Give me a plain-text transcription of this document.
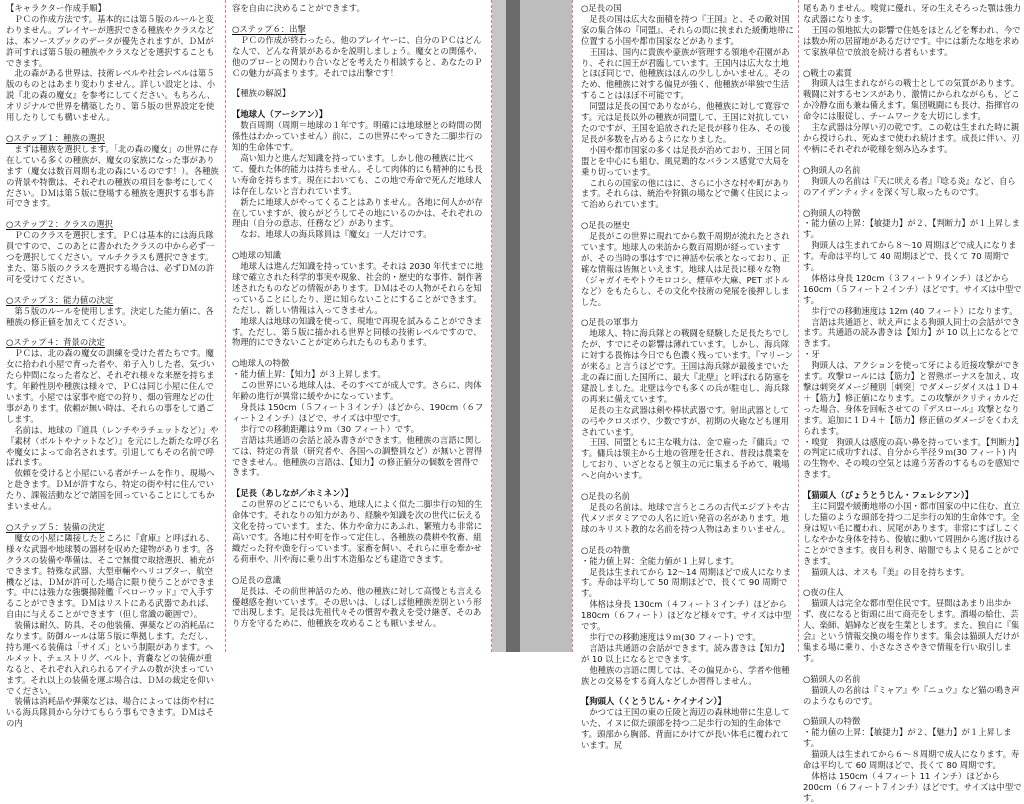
【キャラクター作成手順】
ＰＣの作成方法です。基本的には第５版のルールと変わりません。プレイヤーが選択できる種族やクラスなどは、本ソースブックのデータが優先されますが、ＤＭが許可すれば第５版の種族やクラスなどを選択することもできます。
北の森がある世界は、技術レベルや社会レベルは第５版のものとはあまり変わりません。詳しい設定とは、小説『北の森の魔女』を参考にしてください。もちろん、オリジナルで世界を構築したり、第５版の世界設定を使用したりしても構いません。
○ステップ１：種族の選択
まずは種族を選択します。「北の森の魔女」の世界に存在している多くの種族が、魔女の家族になった事があります（魔女は数百周期も北の森にいるのです！）。各種族の背景や特徴は、それぞれの種族の項目を参考にしてください。ＤＭは第５版に登場する種族を選択する事も許可できます。
○ステップ２：クラスの選択
ＰＣのクラスを選択します。ＰＣは基本的には海兵隊員ですので、このあとに書かれたクラスの中から必ず一つを選択してください。マルチクラスも選択できます。また、第５版のクラスを選択する場合は、必ずＤＭの許可を受けてください。
○ステップ３：能力値の決定
第５版のルールを使用します。決定した能力値に、各種族の修正値を加えてください。
○ステップ４：背景の決定
ＰＣは、北の森の魔女の訓練を受けた者たちです。魔女に拾われ小屋で育った者や、弟子入りした者、気づいたら仲間になった者など、それぞれ様々な来歴を持ちます。年齢性別や種族は様々で、ＰＣは同じ小屋に住んでいます。小屋では家事や庭での狩り、畑の管理などの仕事があります。依頼が無い時は、それらの事をして過ごします。
名前は、地球の『道具（レンチやラチェットなど）』や『素材（ボルトやナットなど）』を元にした新たな呼び名や魔女によって命名されます。引退してもその名前で呼ばれます。
依頼を受けると小屋にいる者がチームを作り、現場へと赴きます。ＤＭが許すなら、特定の街や村に住んでいたり、課報活動などで諸国を回っていることにしてもかまいません。
○ステップ５：装備の決定
魔女の小屋に隣接したところに『倉庫』と呼ばれる、様々な武器や地球製の器材を収めた建物があります。各クラスの装備や準備は、そこで無償で取捨選択、補充ができます。特殊な武器、大型車輛やヘリコプター、航空機などは、ＤＭが許可した場合に限り使うことができます。中には強力な強襲揚陸艦『ベローウッド』で入手することができます。ＤＭはリストにある武器であれば、自由に与えることができます（但し常識の範囲で）。
装備は耐久、防具、その他装備、弾薬などの消耗品になります。防御ルールは第５版に準拠します。ただし、持ち運べる装備は「サイズ」という制限があります。ヘルメット、チェストリグ、ベルト、背嚢などの装備が重なると、それぞれ入れられるアイテムの数が決まっています。それ以上の装備を運ぶ場合は、ＤＭの裁定を仰いでください。
装備は消耗品や弾薬などは、場合によっては街や村にいる海兵隊員から分けてもらう事もできます。ＤＭはその内
容を自由に決めることができます。
○ステップ６：出撃
ＰＣの作成が終わったら、他のプレイヤーに、自分のＰＣはどんな人で、どんな背景があるかを説明しましょう。魔女との関係や、他のプローとの関わり合いなどを考えたり相談すると、あなたのＰＣの魅力が高まります。それでは出撃です！
【種族の解説】
【地球人（アーシアン）】
数百周期（周期＝地球の１年です。明確には地球歴との時間の関係性はわかっていません）前に、この世界にやってきた二脚歩行の知的生命体です。
高い知力と進んだ知識を持っています。しかし他の種族に比べて、優れた体的能力は持ちません。そして肉体的にも精神的にも長い寿命を持ちます。現在においても、この地で寿命で死んだ地球人は存在しないと言われています。
新たに地球人がやってくることはありません。各地に何人かが存在していますが、彼らがどうしてその地にいるのかは、それぞれの理由（自分の意志、任務など）があります。
なお、地球人の海兵隊員は『魔女』一人だけです。
○地球の知識
地球人は進んだ知識を持っています。それは 2030 年代までに地球で確立された科学的事実や現象、社会的・歴史的な事件、制作著述されたものなどの情報があります。ＤＭはその人物がそれらを知っていることにしたり、逆に知らないことにすることができます。ただし、新しい情報は入ってきません。
地球人は地球の知識を使って、現地で再現を試みることができます。ただし、第５版に描かれる世界と同様の技術レベルですので、物理的にできないことが定められたものもあります。
○地球人の特徴
・能力値上昇：【知力】が３上昇します。
この世界にいる地球人は、そのすべてが成人です。さらに、肉体年齢の進行が異常に緩やかになっています。
身長は 150cm（５フィート３インチ）ほどから、190cm（６フィート２インチ）ほどで、サイズは中型です。
歩行での移動距離は９ｍ（30 フィート）です。
言語は共通語の会話と読み書きができます。他種族の言語に関しては、特定の背景（研究者や、各国への調整員など）が無いと習得できません。他種族の言語は、【知力】の修正値分の個数を習得できます。
【足長（あしなが／ホミネン）】
この世界のどこにでもいる、地球人によく似た二脚歩行の知的生命体です。それなりの知力があり、経験や知識を次の世代に伝える文化を持っています。また、体力や命力にあふれ、繁殖力も非常に高いです。各地に村や町を作って定住し、各種族の農耕や牧畜、組織だった狩や漁を行っています。家畜を飼い、それらに車を牽かせる荷車や、川や海に乗り出す木造船なども建造できます。
○足長の意識
足長は、その前世神話のため、他の種族に対して高慢とも言える優越感を抱いています。その思いは、しばしば他種族差別という形で出現します。足長は先祖代々その慣習や教えを受け継ぎ、そのあり方を守るために、他種族を攻めることも厭いません。
○足長の国
足長の国は広大な面積を持つ『王国』と、その敵対国家の集合体の『同盟』、それらの間に挟まれた緩衝地帯に位置する小国や都市国家などがあります。
王国は、国内に貴族や豪族が管理する領地や荘園があり、それに国王が君臨しています。王国内は広大な土地とほぼ同じで、他種族はほんの少ししかいません。そのため、他種族に対する偏見が強く、他種族が単独で生活することはほぼ不可能です。
同盟は足長の国でありながら、他種族に対して寛容です。元は足長以外の種族が同盟して、王国に対抗していたのですが、王国を追放された足長が移り住み、その後足長が多数を占めるようになりました。
小国や都市国家の多くは足長が治めており、王国と同盟とを中心にも組む、風見鶏的なバランス感覚で大局を乗り切っています。
これらの国家の他にはに、さらに小さな村や町があります。それらは、統治や狩猟の場などで働く住民によって治められています。
○足長の歴史
足長がこの世界に現れてから数千周期が流れたとされています。地球人の来訪から数百周期が経っていますが、その当時の事はすでに神話や伝承となっており、正確な情報は皆無といえます。地球人は足長に様々な物（ジャガイモやトウモロコシ、煙草や大麻、PET ボトルなど）をもたらし、その文化や技術の発展を後押ししました。
○足長の軍事力
地球人、特に海兵隊との戦闘を経験した足長たちでしたが、すでにその影響は薄れています。しかし、海兵隊に対する畏怖は今日でも色濃く残っています。『マリーンが来る』と言うほどです。王国は海兵隊が最後までいた北の森に面した国所に、最大『北壁』と呼ばれる防塞を建設しました。北壁は今でも多くの兵が駐屯し、海兵隊の再来に備えています。
足長の主な武器は剣や棒状武器です。射出武器としての弓やクロスボウ、少数ですが、初期の火砲なども運用されています。
王国、同盟ともに主な戦力は、金で雇った『傭兵』です。傭兵は領主から土地の管理を任され、普段は農業をしており、いざとなると領主の元に集まる予めて、戦場へと向かいます。
○足長の名前
足長の名前は、地球で言うところの古代エジプトや古代メソポタミアでの人名に近い発音の名があります。地球のキリスト教的な名前を持つ人物はあまりいません。
○足長の特徴
・能力値上昇：全能力値が１上昇します。
足長は生まれてから 12～14 周期ほどで成人になります。寿命は平均して 50 周期ほどで、長くて 90 周期です。
体格は身長 130cm（４フィート３インチ）ほどから 180cm（６フィート）ほどなど様々です。サイズは中型です。
歩行での移動速度は９ｍ(30 フィート) です。
言語は共通語の会話ができます。読み書きは【知力】が 10 以上になるとできます。
他種族の言語に関しては、その偏見から、学者や他種族との交易をする商人などしか習得しません。
【狗頭人（くとうじん・ケイナイン）】
かつては王国の東の丘陵と海辺の森林地帯に生息していた、イヌに似た頭部を持つ二足歩行の知的生命体です。頭部から胸部、背面にかけてが長い体毛に覆われています。尻
尾もありません。嗅覚に優れ、牙の生えそろった顎は強力な武器になります。
王国の領地拡大の影響で住処をほとんどを奪われ、今では数か所の居留地があるだけです。中には新たな地を求めて家族単位で放浪を続ける者もいます。
○戦士の素質
狗頭人は生まれながらの戦士としての気質があります。戦闘に対するセンスがあり、激情にかられながらも、どこか冷静な面も兼ね備えます。集団戦闘にも長け、指揮官の命令には服従し、チームワークを大切にします。
主な武器は分厚い刃の乾です。この乾は生まれた時に親から授けられ、死ぬまで使われ続けます。成長に伴い、刃や柄にそれぞれが乾様を刻み込みます。
○狗頭人の名前
狗頭人の名前は『天に吠える者』『唸る炎』など、自らのアイデンティティを深く写し取ったものです。
○狗頭人の特徴
・能力値の上昇：【敏捷力】が２、【判断力】が１上昇します。
狗頭人は生まれてから８～10 周期ほどで成人になります。寿命は平均して 40 周期ほどで、長くて 70 周期です。
体格は身長 120cm（３フィート９インチ）ほどから 160cm（５フィート２インチ）ほどです。サイズは中型です。
歩行での移動速度は 12m (40 フィート）になります。
言語は共通語と、吠え声による狗頭人同士の会話ができます。共通語の読み書きは【知力】が 10 以上になるとできます。
・牙
狗頭人は、アクションを使って牙による近接攻撃ができます。攻撃ロールには【筋力】と習熟ボーナスを加え、攻撃は刺突ダメージ種別［刺突］でダメージダイスは１Ｄ４＋【筋力】修正値になります。この攻撃がクリティカルだった場合、身体を回転させての『デスロール』攻撃となります。追加に１Ｄ４＋【筋力】修正値のダメージをくわえられます。
・嗅覚　狗頭人は感度の高い鼻を持っています。【判断力】の判定に成功すれば、自分から半径９ｍ(30 フィート) 内の生物や、その嗅の空気とは違う芳香のするものを感知できます。
【猫頭人（びょうとうじん・フェレシアン）】
主に同盟や緩衝地帯の小国・都市国家の中に住む、直立した猫のような頭部を持つ二足歩行の知的生命体です。全身は短い毛に覆われ、尻尾があります。非常にすばしこくしなやかな身体を持ち、俊敏に動いて周囲から逃げ抜けることができます。夜目も利き、暗闇でもよく見ることができます。
猫頭人は、オスも『美』の目を持ちます。
○夜の住人
猫頭人は完全な都市型住民です。昼間はあまり出歩かず、夜になると街頭に出て商売をします。酒場の給仕、芸人、楽師、娼婦など夜を生業とします。また、独自に『集会』という情報交換の場を作ります。集会は猫頭人だけが集まる場に乗り、小さなささやきで情報を行い取引します。
○猫頭人の名前
猫頭人の名前は『ミャア』や『ニュウ』など猫の鳴き声のようなものです。
○猫頭人の特徴
・能力値の上昇：【敏捷力】が２、【魅力】が１上昇します。
猫頭人は生まれてから６～８周期で成人になります。寿命は平均して 60 周期ほどで、長くて 80 周期です。
体格は 150cm（４フィート 11 インチ）ほどから 200cm（６フィート７インチ）ほどです。サイズは中型です。
